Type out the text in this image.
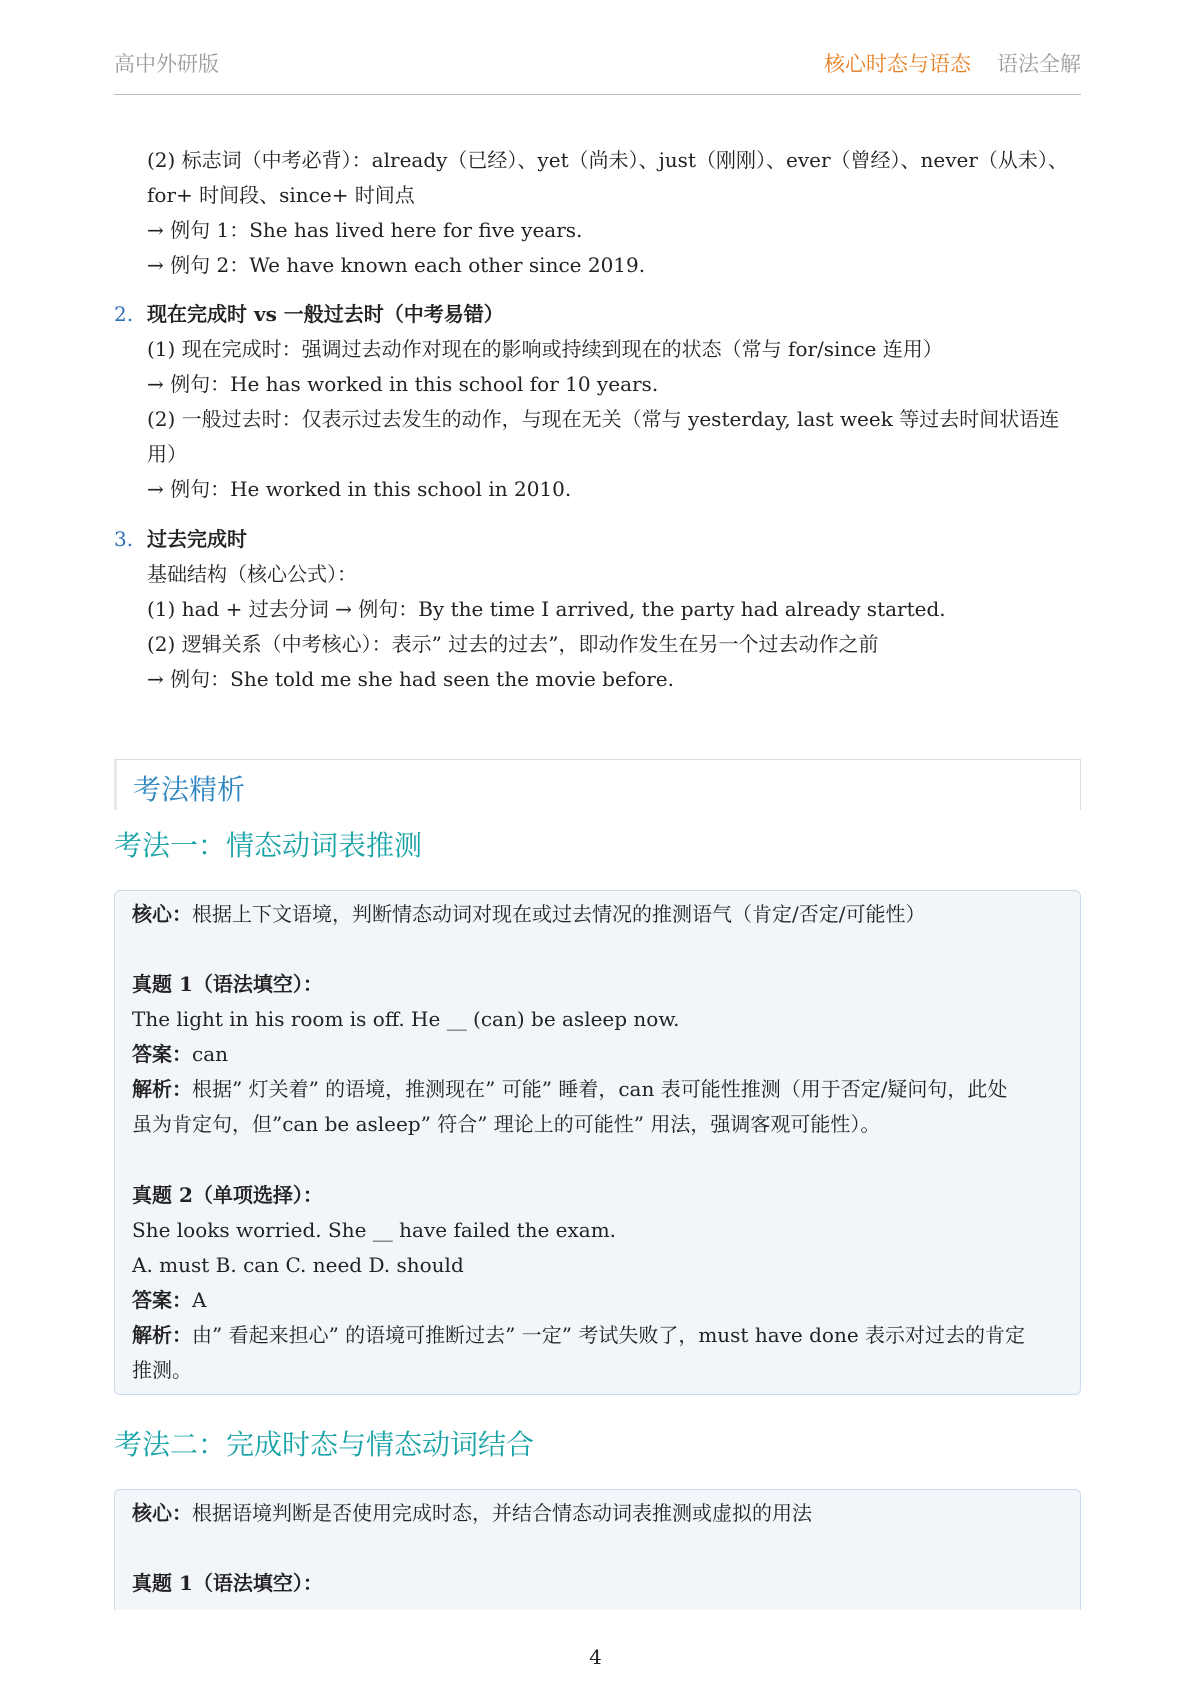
高中外研版	核心时态与语态 语法全解
(2) 标志词（中考必背）：already（已经）、yet（尚未）、just（刚刚）、ever（曾经）、never（从未）、
for+ 时间段、since+ 时间点
→ 例句 1：She has lived here for five years.
→ 例句 2：We have known each other since 2019.
2. 现在完成时 vs 一般过去时（中考易错）
(1) 现在完成时：强调过去动作对现在的影响或持续到现在的状态（常与 for/since 连用）
→ 例句：He has worked in this school for 10 years.
(2) 一般过去时：仅表示过去发生的动作，与现在无关（常与 yesterday, last week 等过去时间状语连
用）
→ 例句：He worked in this school in 2010.
3. 过去完成时
基础结构（核心公式）：
(1) had + 过去分词 → 例句：By the time I arrived, the party had already started.
(2) 逻辑关系（中考核心）：表示” 过去的过去”，即动作发生在另一个过去动作之前
→ 例句：She told me she had seen the movie before.
考法精析
考法一：情态动词表推测
核心：根据上下文语境，判断情态动词对现在或过去情况的推测语气（肯定/否定/可能性）
真题 1（语法填空）：
The light in his room is off. He __ (can) be asleep now.
答案：can
解析：根据” 灯关着” 的语境，推测现在” 可能” 睡着，can 表可能性推测（用于否定/疑问句，此处
虽为肯定句，但”can be asleep” 符合” 理论上的可能性” 用法，强调客观可能性）。
真题 2（单项选择）：
She looks worried. She __ have failed the exam.
A. must B. can C. need D. should
答案：A
解析：由” 看起来担心” 的语境可推断过去” 一定” 考试失败了，must have done 表示对过去的肯定
推测。
考法二：完成时态与情态动词结合
核心：根据语境判断是否使用完成时态，并结合情态动词表推测或虚拟的用法
真题 1（语法填空）：
4
